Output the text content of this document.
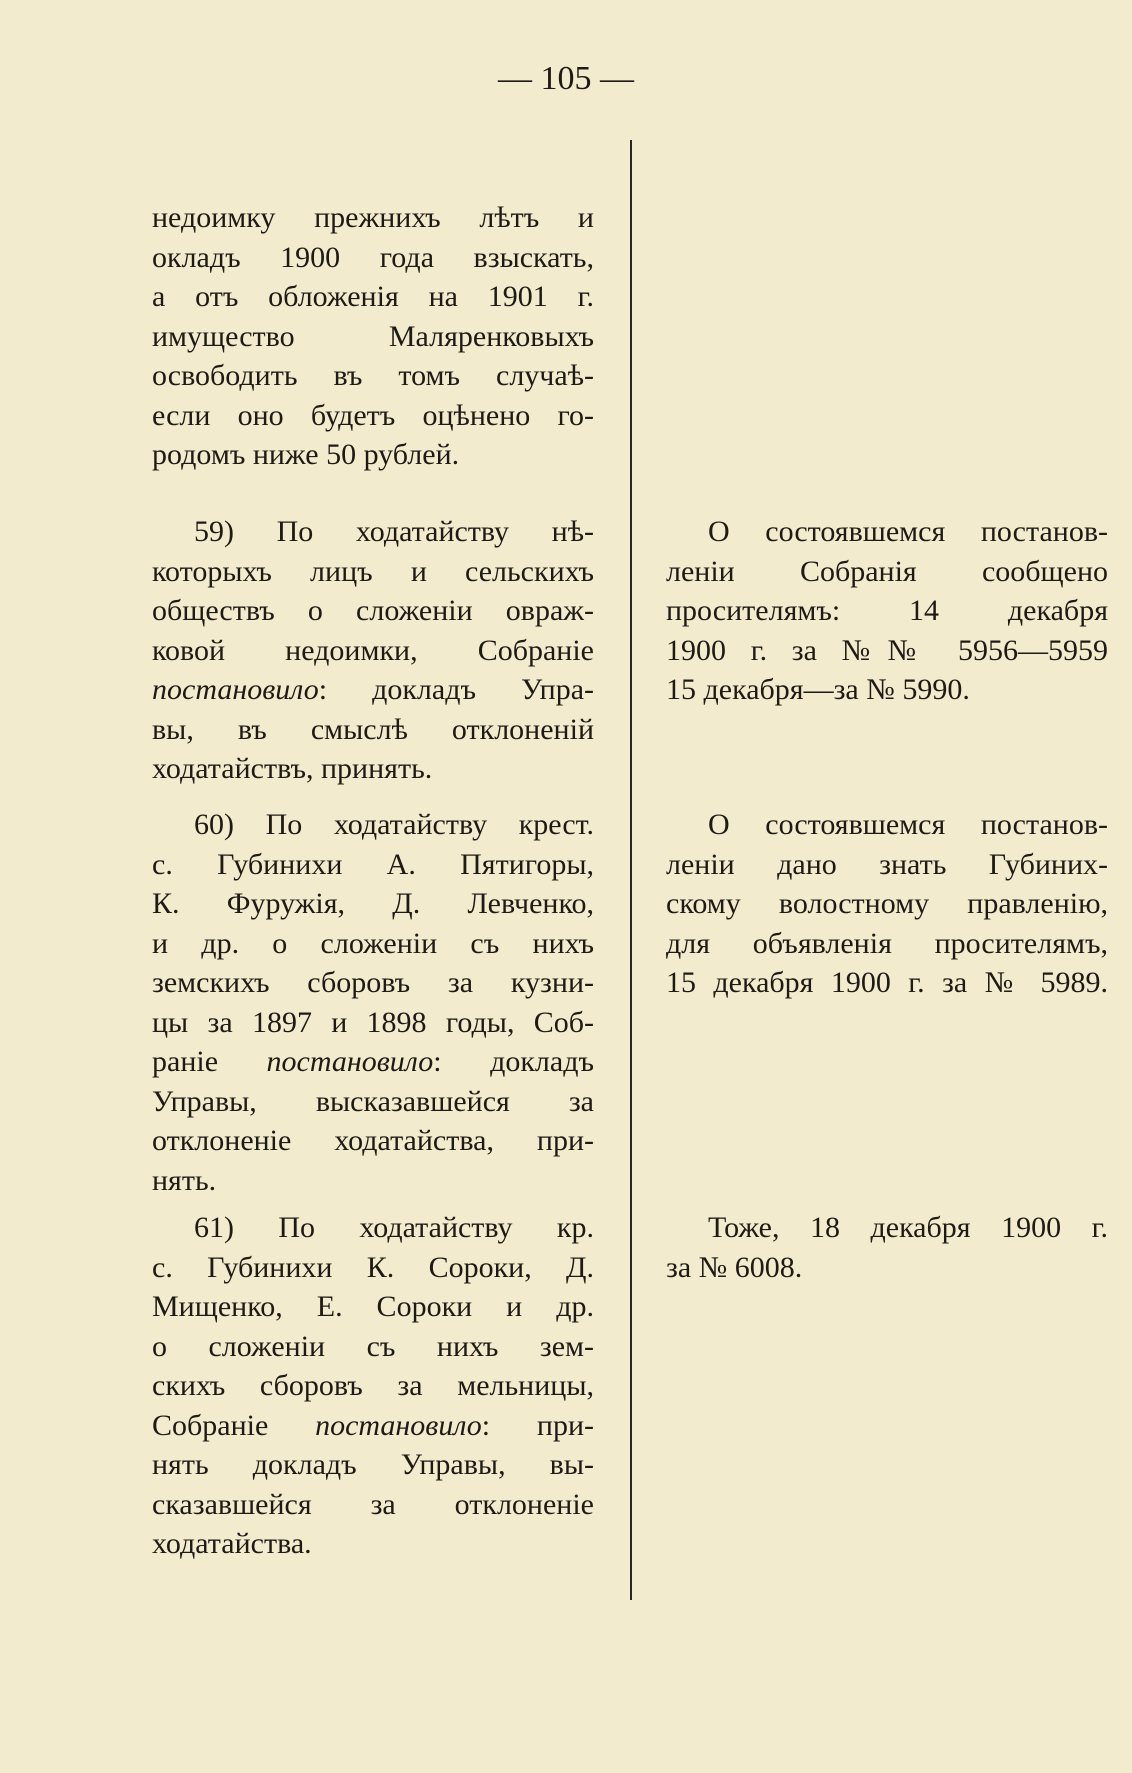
— 105 —
недоимку прежнихъ лѣтъ и
окладъ 1900 года взыскать,
а отъ обложенія на 1901 г.
имущество Маляренковыхъ
освободить въ томъ случаѣ-
если оно будетъ оцѣнено го-
родомъ ниже 50 рублей.
59) По ходатайству нѣ-
которыхъ лицъ и сельскихъ
обществъ о сложеніи овраж-
ковой недоимки, Собраніе
постановило: докладъ Упра-
вы, въ смыслѣ отклоненій
ходатайствъ, принять.
60) По ходатайству крест.
с. Губинихи А. Пятигоры,
К. Фуружія, Д. Левченко,
и др. о сложеніи съ нихъ
земскихъ сборовъ за кузни-
цы за 1897 и 1898 годы, Соб-
раніе постановило: докладъ
Управы, высказавшейся за
отклоненіе ходатайства, при-
нять.
61) По ходатайству кр.
с. Губинихи К. Сороки, Д.
Мищенко, Е. Сороки и др.
о сложеніи съ нихъ зем-
скихъ сборовъ за мельницы,
Собраніе постановило: при-
нять докладъ Управы, вы-
сказавшейся за отклоненіе
ходатайства.
О состоявшемся постанов-
леніи Собранія сообщено
просителямъ: 14 декабря
1900 г. за №№ 5956—5959
15 декабря—за № 5990.
О состоявшемся постанов-
леніи дано знать Губиних-
скому волостному правленію,
для объявленія просителямъ,
15 декабря 1900 г. за № 5989.
Тоже, 18 декабря 1900 г.
за № 6008.
